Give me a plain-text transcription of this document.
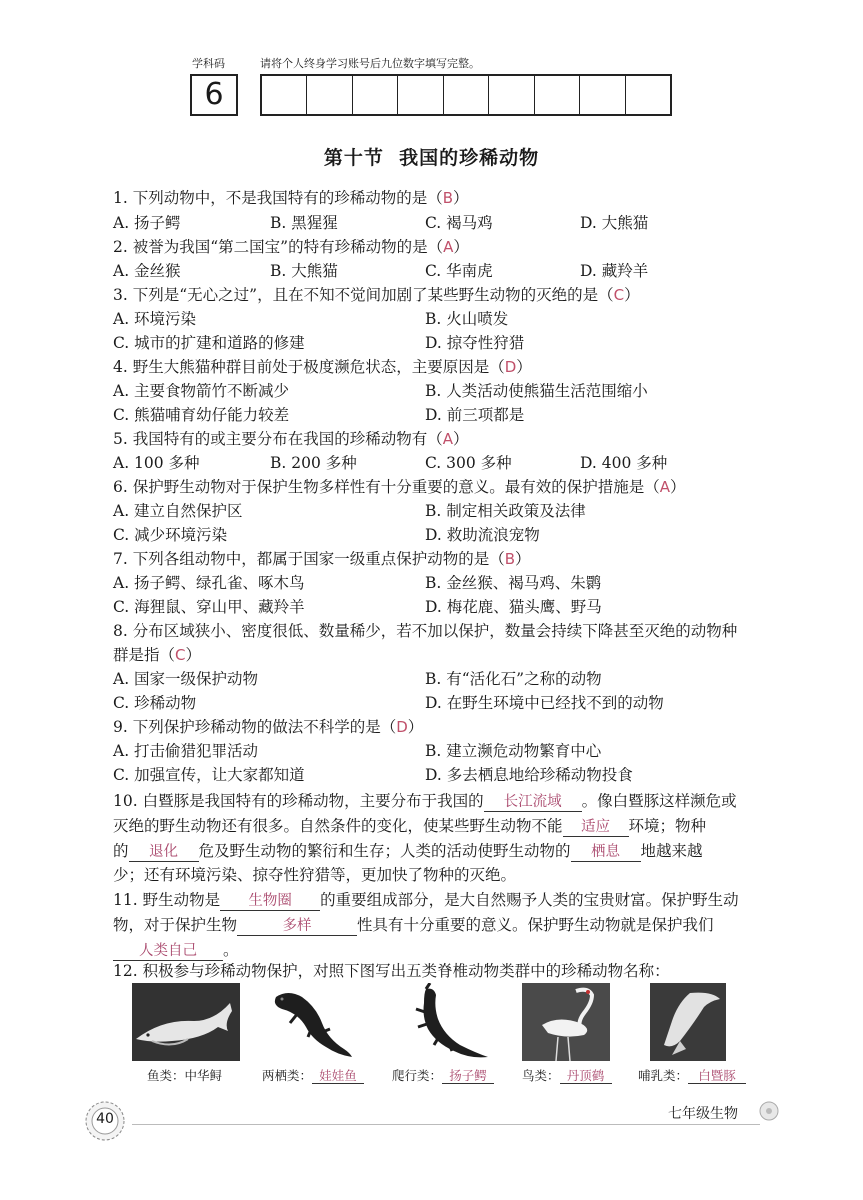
学科码	请将个人终身学习账号后九位数字填写完整。
6
第十节  我国的珍稀动物
1. 下列动物中，不是我国特有的珍稀动物的是（B）
A. 扬子鳄	B. 黑猩猩	C. 褐马鸡	D. 大熊猫
2. 被誉为我国“第二国宝”的特有珍稀动物的是（A）
A. 金丝猴	B. 大熊猫	C. 华南虎	D. 藏羚羊
3. 下列是“无心之过”，且在不知不觉间加剧了某些野生动物的灭绝的是（C）
A. 环境污染	B. 火山喷发
C. 城市的扩建和道路的修建	D. 掠夺性狩猎
4. 野生大熊猫种群目前处于极度濒危状态，主要原因是（D）
A. 主要食物箭竹不断减少	B. 人类活动使熊猫生活范围缩小
C. 熊猫哺育幼仔能力较差	D. 前三项都是
5. 我国特有的或主要分布在我国的珍稀动物有（A）
A. 100 多种	B. 200 多种	C. 300 多种	D. 400 多种
6. 保护野生动物对于保护生物多样性有十分重要的意义。最有效的保护措施是（A）
A. 建立自然保护区	B. 制定相关政策及法律
C. 减少环境污染	D. 救助流浪宠物
7. 下列各组动物中，都属于国家一级重点保护动物的是（B）
A. 扬子鳄、绿孔雀、啄木鸟	B. 金丝猴、褐马鸡、朱鹮
C. 海狸鼠、穿山甲、藏羚羊	D. 梅花鹿、猫头鹰、野马
8. 分布区域狭小、密度很低、数量稀少，若不加以保护，数量会持续下降甚至灭绝的动物种
群是指（C）
A. 国家一级保护动物	B. 有“活化石”之称的动物
C. 珍稀动物	D. 在野生环境中已经找不到的动物
9. 下列保护珍稀动物的做法不科学的是（D）
A. 打击偷猎犯罪活动	B. 建立濒危动物繁育中心
C. 加强宣传，让大家都知道	D. 多去栖息地给珍稀动物投食
10. 白暨豚是我国特有的珍稀动物，主要分布于我国的 长江流域 。像白暨豚这样濒危或
灭绝的野生动物还有很多。自然条件的变化，使某些野生动物不能 适应 环境；物种
的 退化 危及野生动物的繁衍和生存；人类的活动使野生动物的 栖息 地越来越
少；还有环境污染、掠夺性狩猎等，更加快了物种的灭绝。
11. 野生动物是 生物圈 的重要组成部分，是大自然赐予人类的宝贵财富。保护野生动
物，对于保护生物	多样	性具有十分重要的意义。保护野生动物就是保护我们
人类自己 。
12. 积极参与珍稀动物保护，对照下图写出五类脊椎动物类群中的珍稀动物名称：
鱼类：中华鲟	两栖类： 娃娃鱼	爬行类： 扬子鳄	鸟类： 丹顶鹤	哺乳类： 白暨豚
40	七年级生物
